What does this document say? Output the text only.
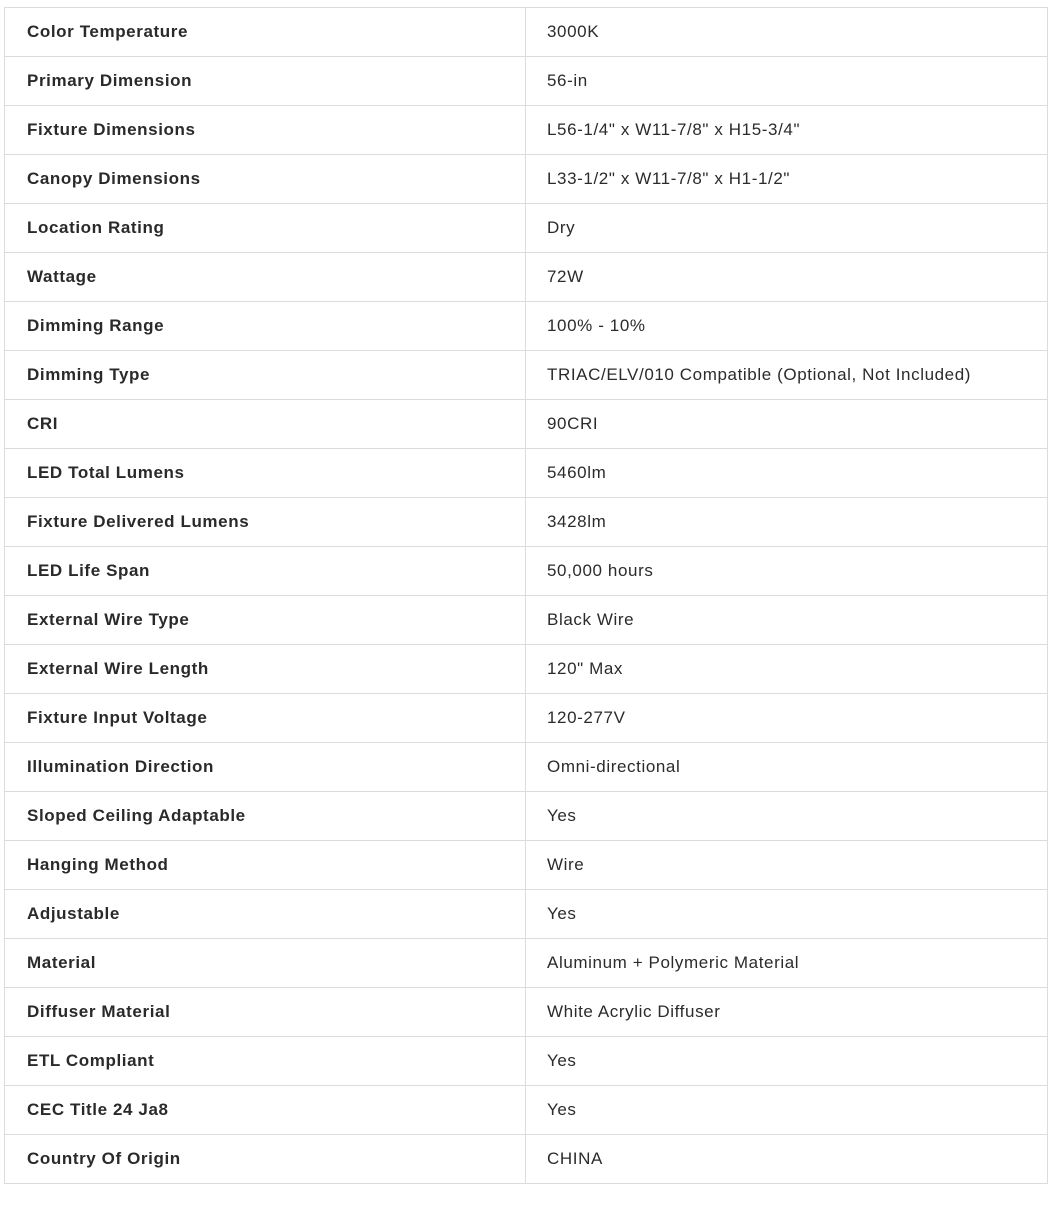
Color Temperature	3000K
Primary Dimension	56-in
Fixture Dimensions	L56-1/4" x W11-7/8" x H15-3/4"
Canopy Dimensions	L33-1/2" x W11-7/8" x H1-1/2"
Location Rating	Dry
Wattage	72W
Dimming Range	100% - 10%
Dimming Type	TRIAC/ELV/010 Compatible (Optional, Not Included)
CRI	90CRI
LED Total Lumens	5460lm
Fixture Delivered Lumens	3428lm
LED Life Span	50,000 hours
External Wire Type	Black Wire
External Wire Length	120" Max
Fixture Input Voltage	120-277V
Illumination Direction	Omni-directional
Sloped Ceiling Adaptable	Yes
Hanging Method	Wire
Adjustable	Yes
Material	Aluminum + Polymeric Material
Diffuser Material	White Acrylic Diffuser
ETL Compliant	Yes
CEC Title 24 Ja8	Yes
Country Of Origin	CHINA
